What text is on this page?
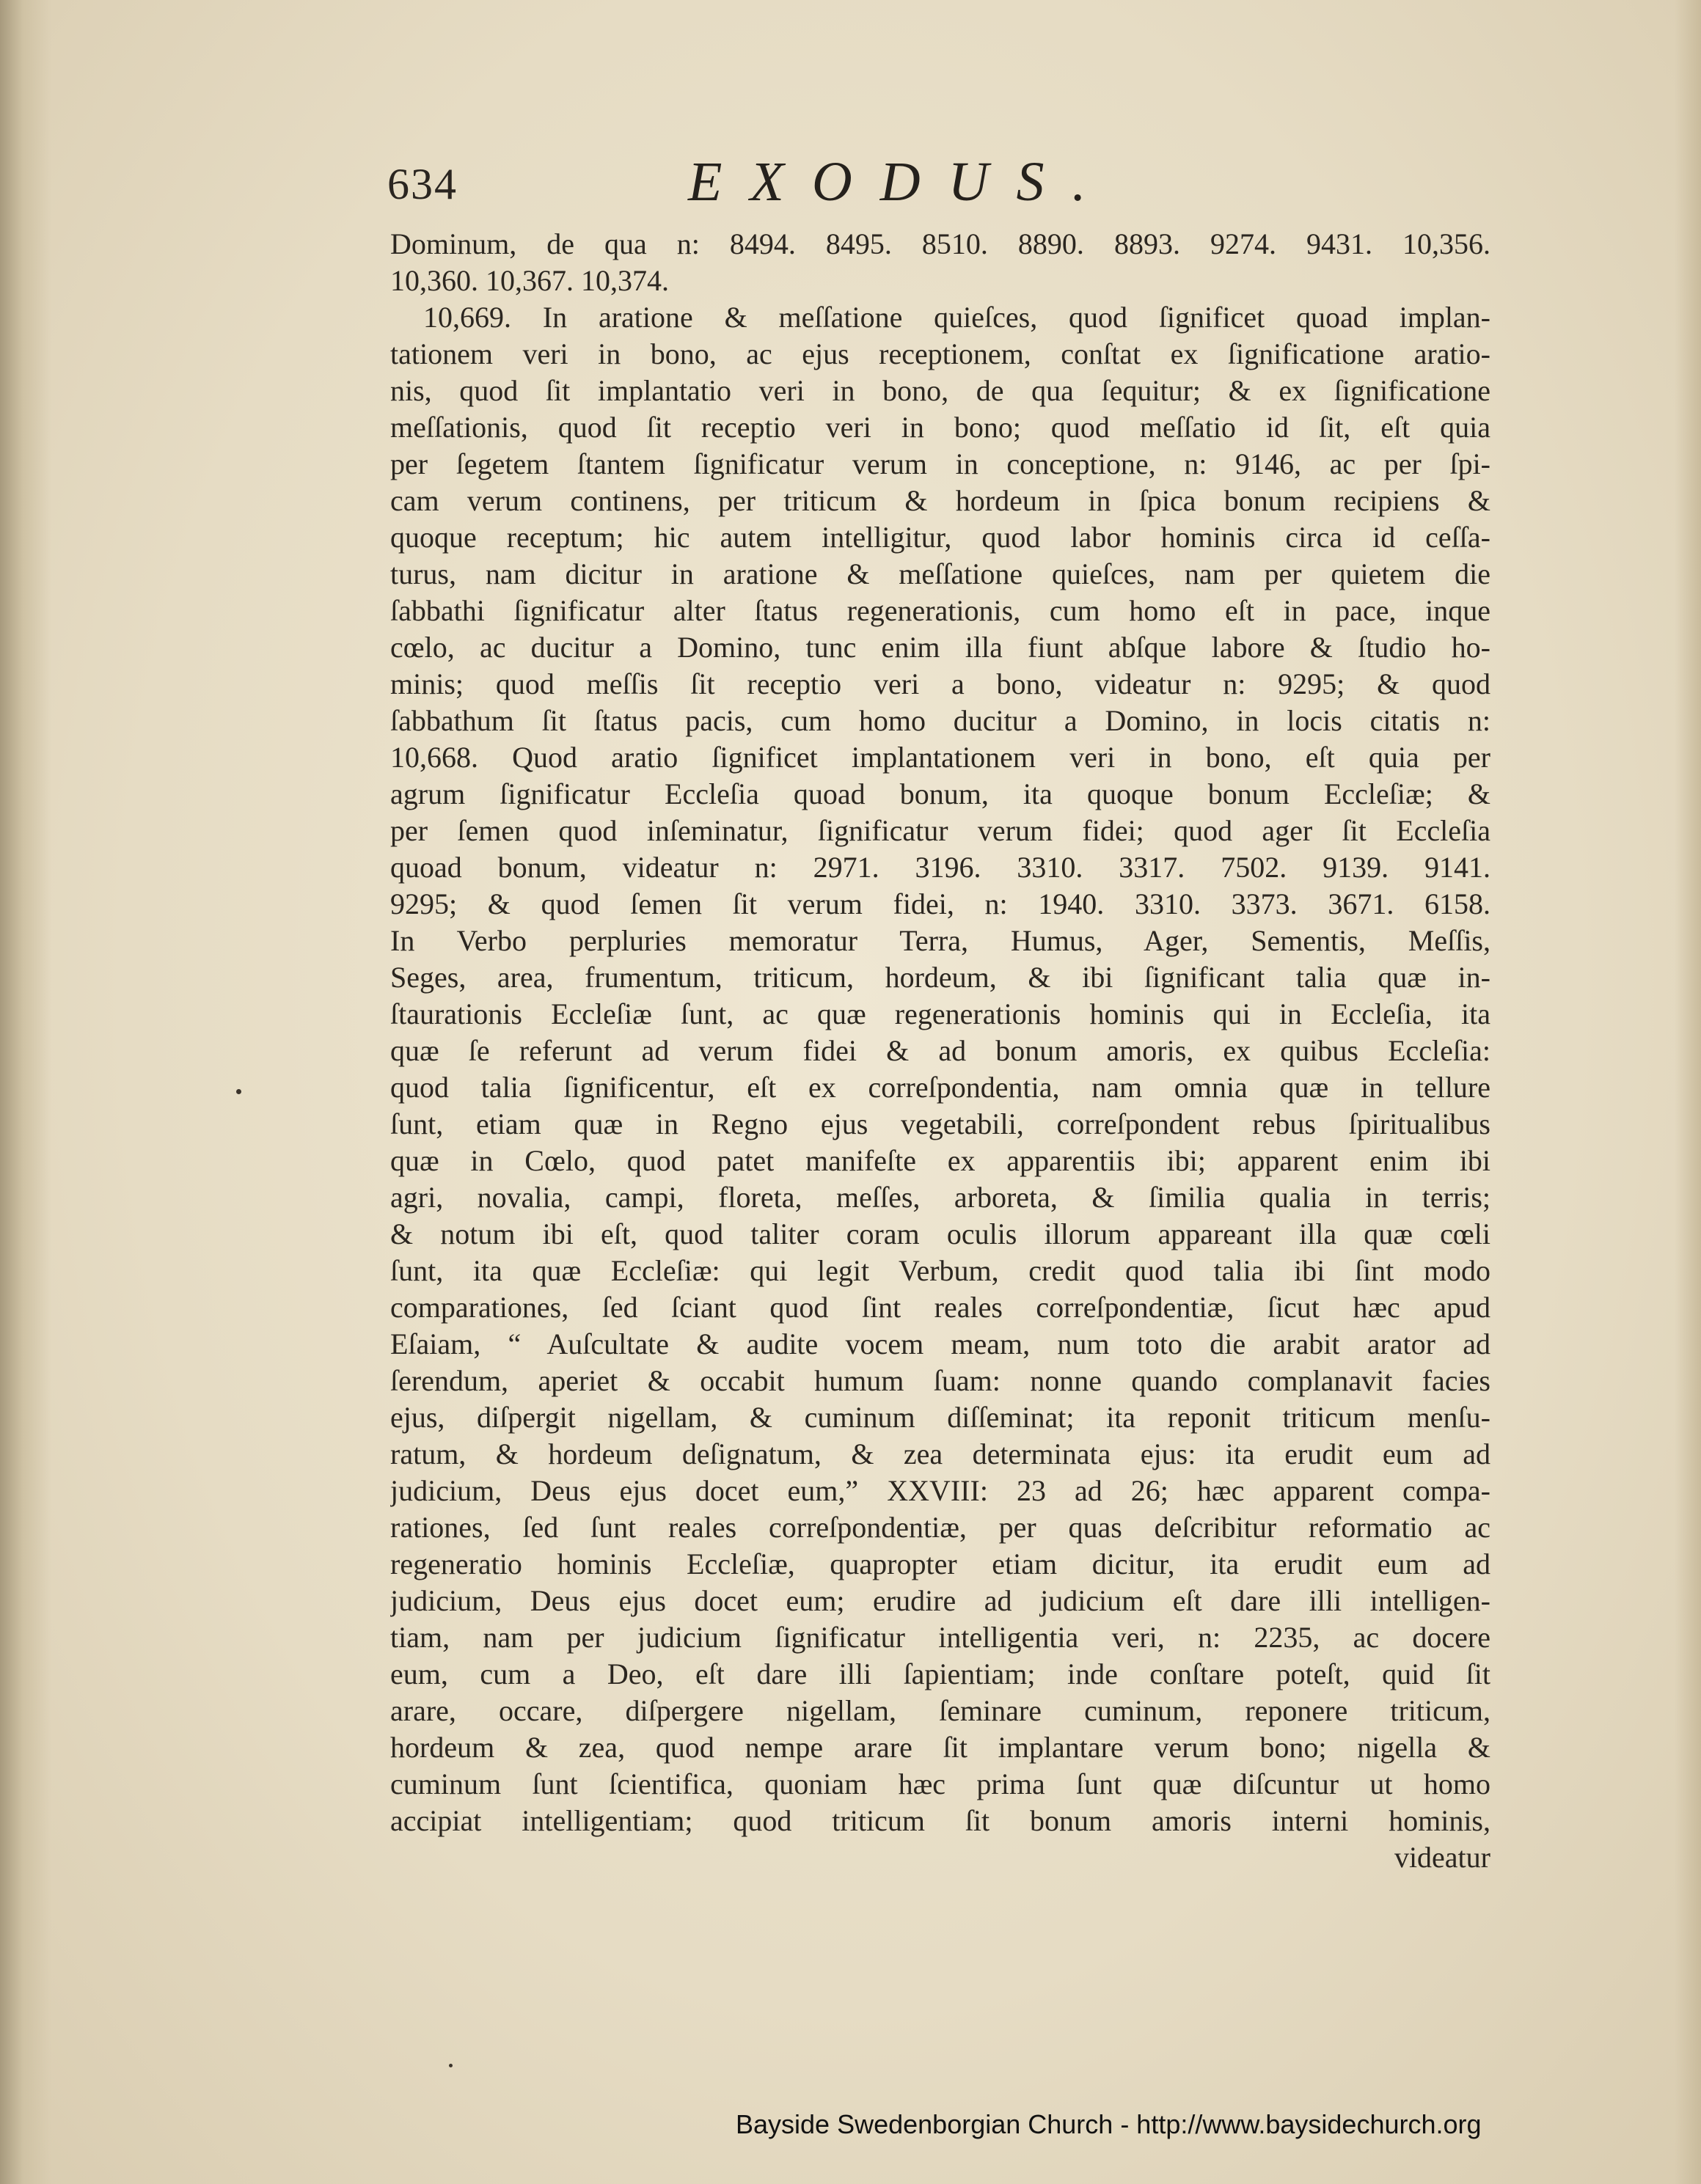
634	EXODUS.
Dominum, de qua n: 8494. 8495. 8510. 8890. 8893. 9274. 9431. 10,356.
10,360. 10,367. 10,374.
10,669. In aratione & meſſatione quieſces, quod ſignificet quoad implan-
tationem veri in bono, ac ejus receptionem, conſtat ex ſignificatione aratio-
nis, quod ſit implantatio veri in bono, de qua ſequitur; & ex ſignificatione
meſſationis, quod ſit receptio veri in bono; quod meſſatio id ſit, eſt quia
per ſegetem ſtantem ſignificatur verum in conceptione, n: 9146, ac per ſpi-
cam verum continens, per triticum & hordeum in ſpica bonum recipiens &
quoque receptum; hic autem intelligitur, quod labor hominis circa id ceſſa-
turus, nam dicitur in aratione & meſſatione quieſces, nam per quietem die
ſabbathi ſignificatur alter ſtatus regenerationis, cum homo eſt in pace, inque
cœlo, ac ducitur a Domino, tunc enim illa fiunt abſque labore & ſtudio ho-
minis; quod meſſis ſit receptio veri a bono, videatur n: 9295; & quod
ſabbathum ſit ſtatus pacis, cum homo ducitur a Domino, in locis citatis n:
10,668. Quod aratio ſignificet implantationem veri in bono, eſt quia per
agrum ſignificatur Eccleſia quoad bonum, ita quoque bonum Eccleſiæ; &
per ſemen quod inſeminatur, ſignificatur verum fidei; quod ager ſit Eccleſia
quoad bonum, videatur n: 2971. 3196. 3310. 3317. 7502. 9139. 9141.
9295; & quod ſemen ſit verum fidei, n: 1940. 3310. 3373. 3671. 6158.
In Verbo perpluries memoratur Terra, Humus, Ager, Sementis, Meſſis,
Seges, area, frumentum, triticum, hordeum, & ibi ſignificant talia quæ in-
ſtaurationis Eccleſiæ ſunt, ac quæ regenerationis hominis qui in Eccleſia, ita
quæ ſe referunt ad verum fidei & ad bonum amoris, ex quibus Eccleſia:
quod talia ſignificentur, eſt ex correſpondentia, nam omnia quæ in tellure
ſunt, etiam quæ in Regno ejus vegetabili, correſpondent rebus ſpiritualibus
quæ in Cœlo, quod patet manifeſte ex apparentiis ibi; apparent enim ibi
agri, novalia, campi, floreta, meſſes, arboreta, & ſimilia qualia in terris;
& notum ibi eſt, quod taliter coram oculis illorum appareant illa quæ cœli
ſunt, ita quæ Eccleſiæ: qui legit Verbum, credit quod talia ibi ſint modo
comparationes, ſed ſciant quod ſint reales correſpondentiæ, ſicut hæc apud
Eſaiam, “ Auſcultate & audite vocem meam, num toto die arabit arator ad
ſerendum, aperiet & occabit humum ſuam: nonne quando complanavit facies
ejus, diſpergit nigellam, & cuminum diſſeminat; ita reponit triticum menſu-
ratum, & hordeum deſignatum, & zea determinata ejus: ita erudit eum ad
judicium, Deus ejus docet eum,” XXVIII: 23 ad 26; hæc apparent compa-
rationes, ſed ſunt reales correſpondentiæ, per quas deſcribitur reformatio ac
regeneratio hominis Eccleſiæ, quapropter etiam dicitur, ita erudit eum ad
judicium, Deus ejus docet eum; erudire ad judicium eſt dare illi intelligen-
tiam, nam per judicium ſignificatur intelligentia veri, n: 2235, ac docere
eum, cum a Deo, eſt dare illi ſapientiam; inde conſtare poteſt, quid ſit
arare, occare, diſpergere nigellam, ſeminare cuminum, reponere triticum,
hordeum & zea, quod nempe arare ſit implantare verum bono; nigella &
cuminum ſunt ſcientifica, quoniam hæc prima ſunt quæ diſcuntur ut homo
accipiat intelligentiam; quod triticum ſit bonum amoris interni hominis,
videatur
Bayside Swedenborgian Church - http://www.baysidechurch.org
